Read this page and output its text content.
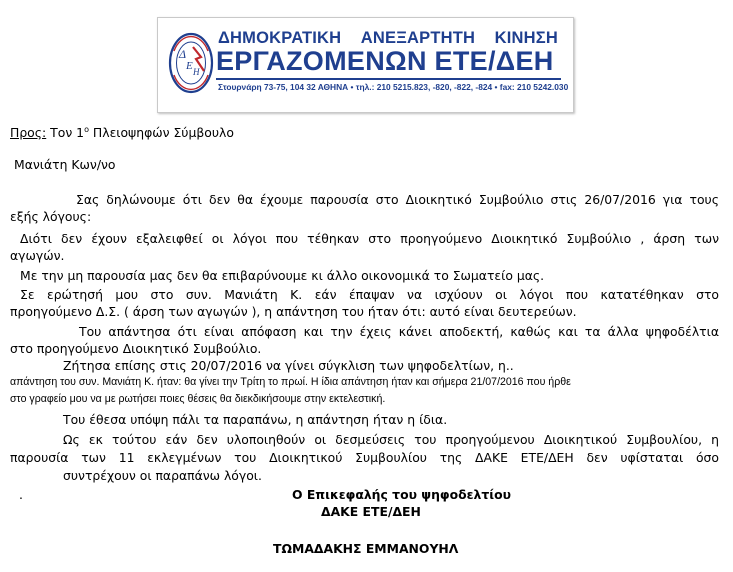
Δ
Ε Η
ΔΗΜΟΚΡΑΤΙΚΗ ΑΝΕΞΑΡΤΗΤΗ ΚΙΝΗΣΗ
ΕΡΓΑΖΟΜΕΝΩΝ ΕΤΕ/ΔΕΗ
Στουρνάρη 73-75, 104 32 ΑΘΗΝΑ • τηλ.: 210 5215.823, -820, -822, -824 • fax: 210 5242.030
Προς: Τον $1^o$ Πλειοψηφών Σύμβουλο
Μανιάτη Κων/νο
Σας δηλώνουμε ότι δεν θα έχουμε παρουσία στο Διοικητικό Συμβούλιο στις 26/07/2016 για τους
εξής λόγους:
Διότι δεν έχουν εξαλειφθεί οι λόγοι που τέθηκαν στο προηγούμενο Διοικητικό Συμβούλιο , άρση των
αγωγών.
Με την μη παρουσία μας δεν θα επιβαρύνουμε κι άλλο οικονομικά το Σωματείο μας.
Σε ερώτησή μου στο συν. Μανιάτη Κ. εάν έπαψαν να ισχύουν οι λόγοι που κατατέθηκαν στο
προηγούμενο Δ.Σ. ( άρση των αγωγών ), η απάντηση του ήταν ότι: αυτό είναι δευτερεύων.
Του απάντησα ότι είναι απόφαση και την έχεις κάνει αποδεκτή, καθώς και τα άλλα ψηφοδέλτια
στο προηγούμενο Διοικητικό Συμβούλιο.
Ζήτησα επίσης στις 20/07/2016 να γίνει σύγκλιση των ψηφοδελτίων, η..
απάντηση του συν. Μανιάτη Κ. ήταν: θα γίνει την Τρίτη το πρωί. Η ίδια απάντηση ήταν και σήμερα 21/07/2016 που ήρθε
στο γραφείο μου να με ρωτήσει ποιες θέσεις θα διεκδικήσουμε στην εκτελεστική.
Του έθεσα υπόψη πάλι τα παραπάνω, η απάντηση ήταν η ίδια.
Ως εκ τούτου εάν δεν υλοποιηθούν οι δεσμεύσεις του προηγούμενου Διοικητικού Συμβουλίου, η
παρουσία των 11 εκλεγμένων του Διοικητικού Συμβουλίου της ΔΑΚΕ ΕΤΕ/ΔΕΗ δεν υφίσταται όσο
συντρέχουν οι παραπάνω λόγοι.
.	Ο Επικεφαλής του ψηφοδελτίου
ΔΑΚΕ ΕΤΕ/ΔΕΗ
ΤΩΜΑΔΑΚΗΣ ΕΜΜΑΝΟΥΗΛ
